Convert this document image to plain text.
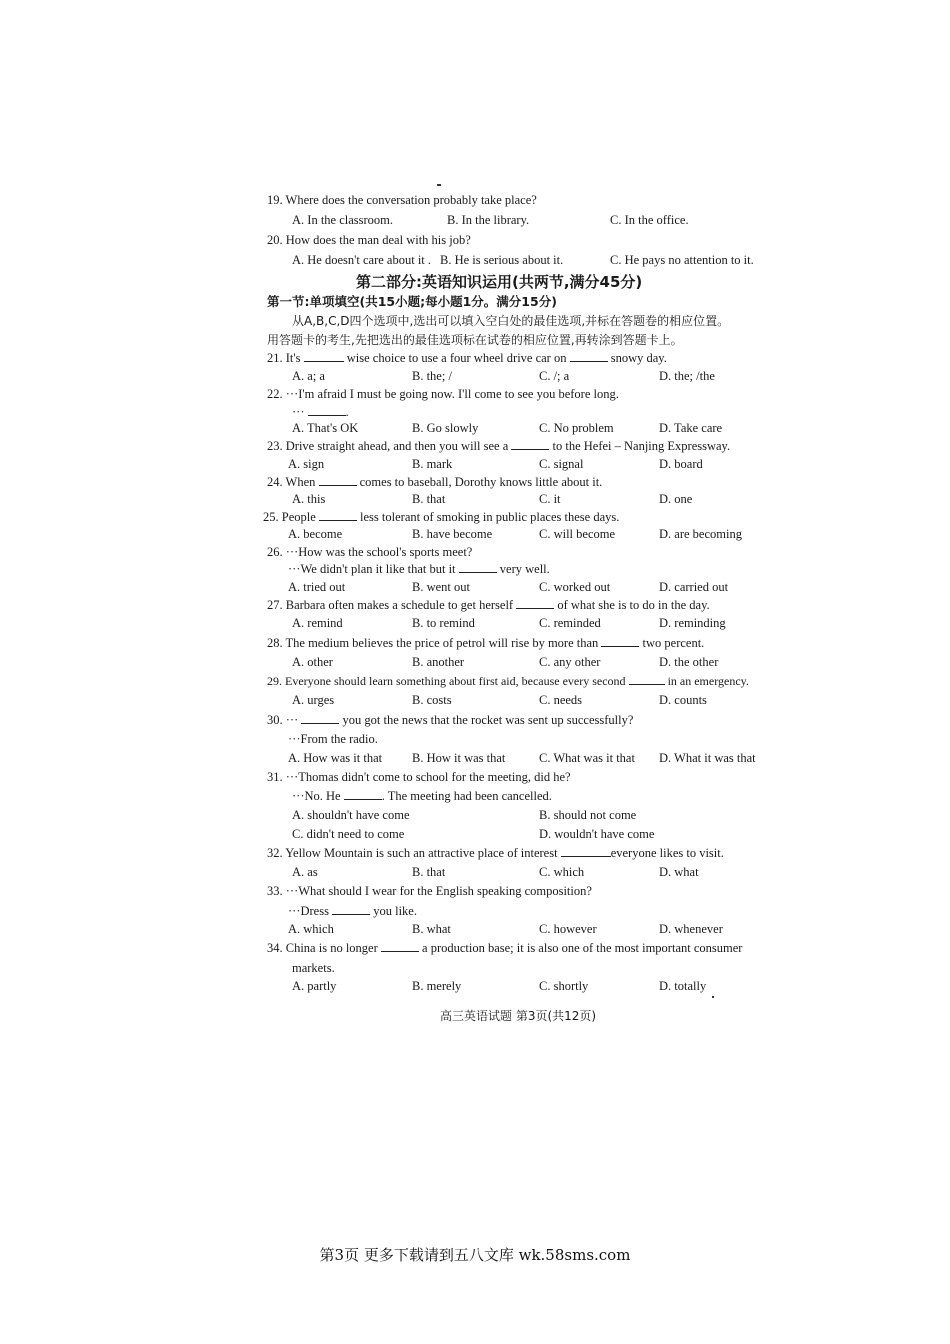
19. Where does the conversation probably take place?
A. In the classroom.	B. In the library.	C. In the office.
20. How does the man deal with his job?
A. He doesn't care about it . B. He is serious about it.	C. He pays no attention to it.
第二部分:英语知识运用(共两节,满分45分)
第一节:单项填空(共15小题;每小题1分。满分15分)
从A,B,C,D四个选项中,选出可以填入空白处的最佳选项,并标在答题卷的相应位置。
用答题卡的考生,先把选出的最佳选项标在试卷的相应位置,再转涂到答题卡上。
21. It's	wise choice to use a four wheel drive car on	snowy day.
A. a; a	B. the; /	C. /; a	D. the; /the
22. ···I'm afraid I must be going now. I'll come to see you before long.
···	.
A. That's OK	B. Go slowly	C. No problem	D. Take care
23. Drive straight ahead, and then you will see a	to the Hefei – Nanjing Expressway.
A. sign	B. mark	C. signal	D. board
24. When	comes to baseball, Dorothy knows little about it.
A. this	B. that	C. it	D. one
25. People	less tolerant of smoking in public places these days.
A. become	B. have become	C. will become	D. are becoming
26. ···How was the school's sports meet?
···We didn't plan it like that but it	very well.
A. tried out	B. went out	C. worked out	D. carried out
27. Barbara often makes a schedule to get herself	of what she is to do in the day.
A. remind	B. to remind	C. reminded	D. reminding
28. The medium believes the price of petrol will rise by more than	two percent.
A. other	B. another	C. any other	D. the other
29. Everyone should learn something about first aid, because every second	in an emergency.
A. urges	B. costs	C. needs	D. counts
30. ···	you got the news that the rocket was sent up successfully?
···From the radio.
A. How was it that B. How it was that	C. What was it that D. What it was that
31. ···Thomas didn't come to school for the meeting, did he?
···No. He	. The meeting had been cancelled.
A. shouldn't have come	B. should not come
C. didn't need to come	D. wouldn't have come
32. Yellow Mountain is such an attractive place of interest	everyone likes to visit.
A. as	B. that	C. which	D. what
33. ···What should I wear for the English speaking composition?
···Dress	you like.
A. which	B. what	C. however	D. whenever
34. China is no longer	a production base; it is also one of the most important consumer
markets.
A. partly	B. merely	C. shortly	D. totally
高三英语试题 第3页(共12页)
第3页 更多下载请到五八文库 wk.58sms.com
